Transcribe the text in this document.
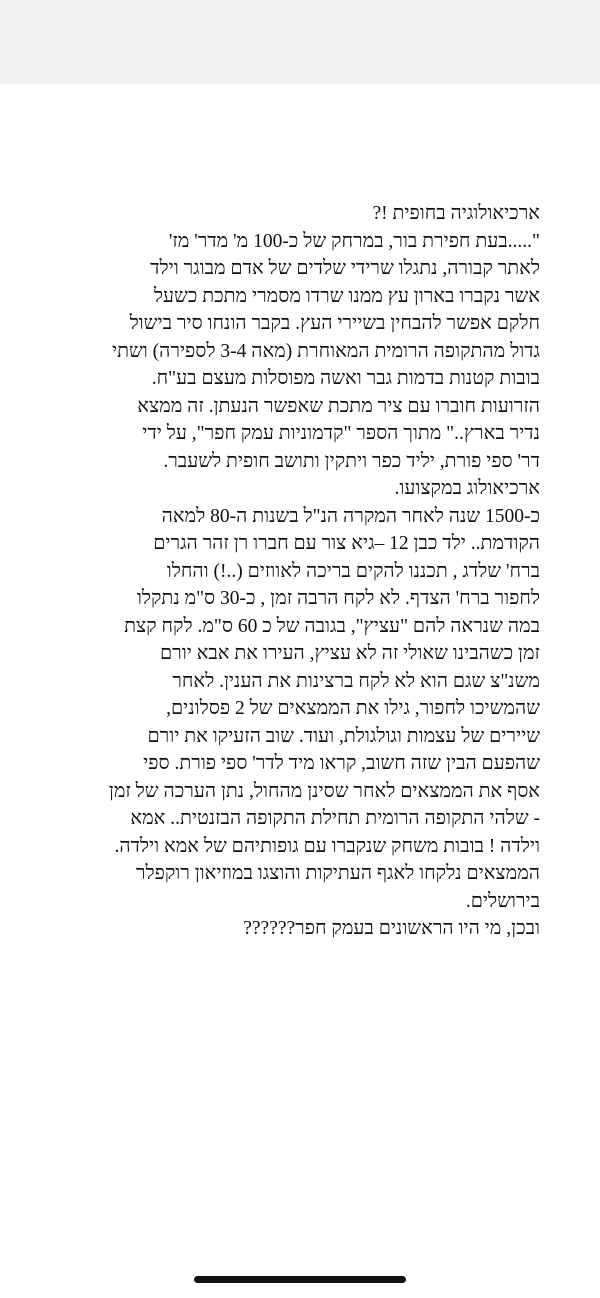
ארכיאולוגיה בחופית !?

".....בעת חפירת בור, במרחק של כ-100 מ' מדר' מז'
לאתר קבורה, נתגלו שרידי שלדים של אדם מבוגר וילד
אשר נקברו בארון עץ ממנו שרדו מסמרי מתכת כשעל
חלקם אפשר להבחין בשיירי העץ. בקבר הונחו סיר בישול
גדול מהתקופה הרומית המאוחרת (מאה 3-4 לספירה) ושתי
בובות קטנות בדמות גבר ואשה מפוסלות מעצם בע"ח.
הזרועות חוברו עם ציר מתכת שאפשר הנעתן. זה ממצא
נדיר בארץ.." מתוך הספר "קדמוניות עמק חפר", על ידי
דר' ספי פורת, יליד כפר ויתקין ותושב חופית לשעבר.
ארכיאולוג במקצועו.

כ-1500 שנה לאחר המקרה הנ"ל בשנות ה-80 למאה
הקודמת.. ילד כבן 12 –גיא צור עם חברו רן זהר הגרים
ברח' שלדג , תכננו להקים בריכה לאווזים (..!) והחלו
לחפור ברח' הצדף. לא לקח הרבה זמן , כ-30 ס"מ נתקלו
במה שנראה להם "עציץ", בגובה של כ 60 ס"מ. לקח קצת
זמן כשהבינו שאולי זה לא עציץ, העירו את אבא יורם
משנ"צ שגם הוא לא לקח ברצינות את הענין. לאחר
שהמשיכו לחפור, גילו את הממצאים של 2 פסלונים,
שיירים של עצמות וגולגולת, ועוד. שוב הזעיקו את יורם
שהפעם הבין שזה חשוב, קראו מיד לדר' ספי פורת. ספי
אסף את הממצאים לאחר שסינן מהחול, נתן הערכה של זמן
- שלהי התקופה הרומית תחילת התקופה הבזנטית.. אמא
וילדה ! בובות משחק שנקברו עם גופותיהם של אמא וילדה.
הממצאים נלקחו לאגף העתיקות והוצגו במוזיאון רוקפלר
בירושלים.

ובכן, מי היו הראשונים בעמק חפר??????
